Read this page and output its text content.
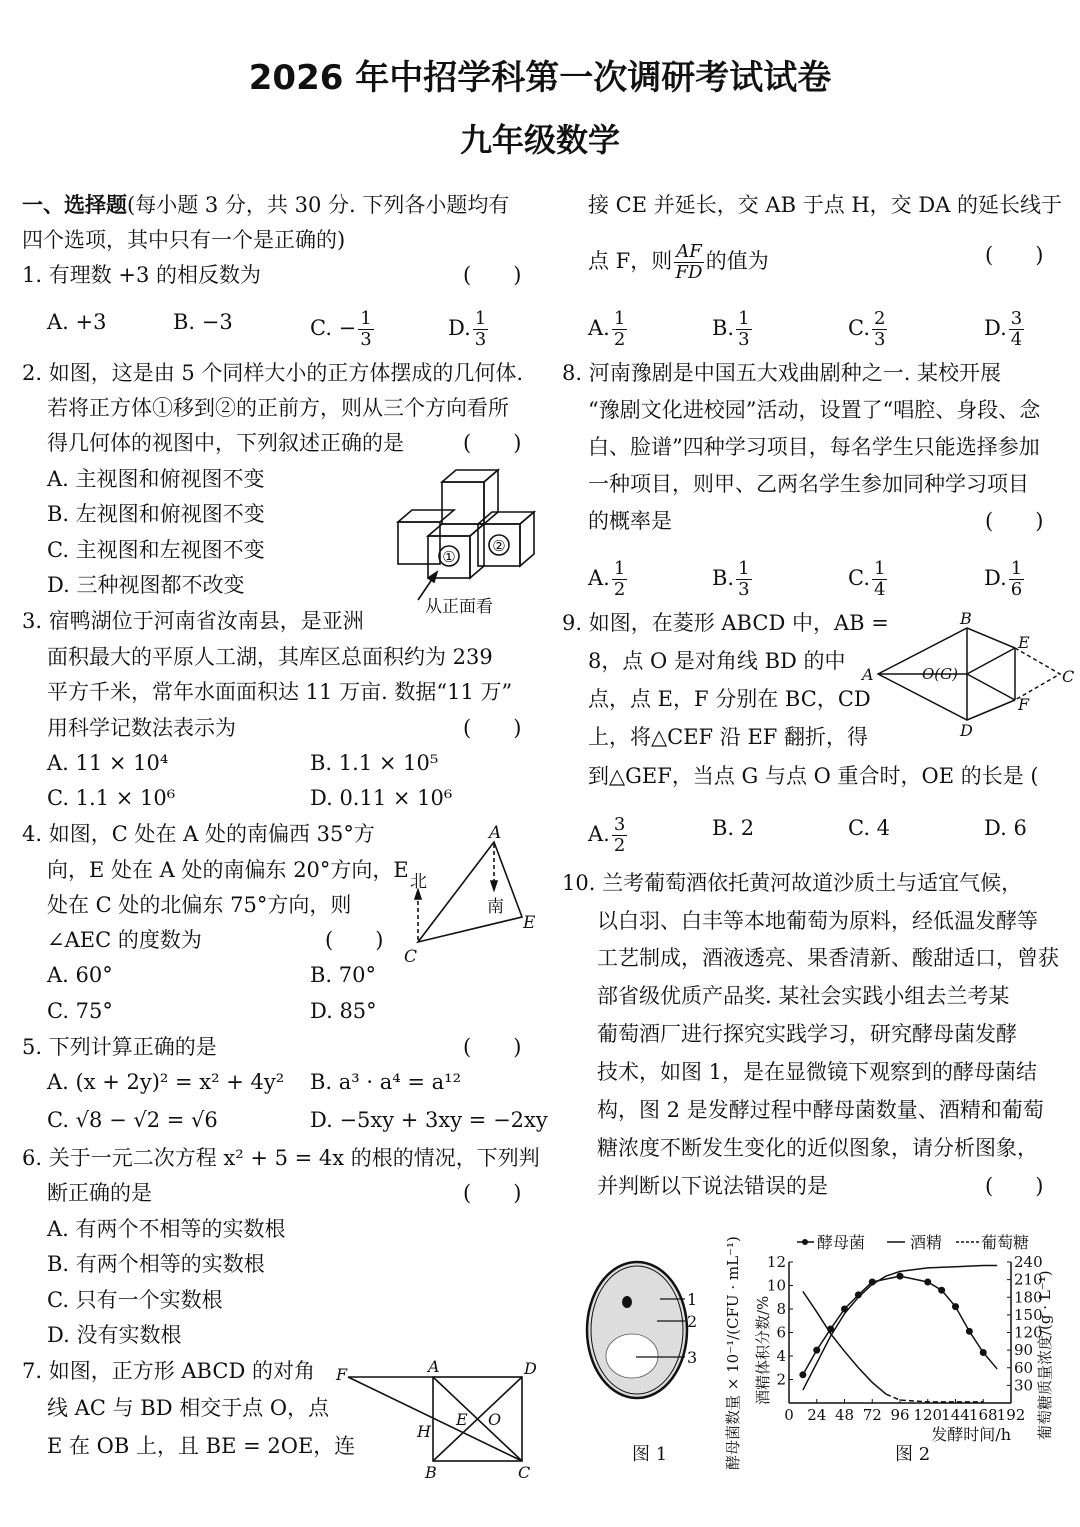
2026 年中招学科第一次调研考试试卷
九年级数学
一、选择题(每小题 3 分，共 30 分. 下列各小题均有
四个选项，其中只有一个是正确的)
1. 有理数 +3 的相反数为	(　　)
A. +3	B. −3	C. − $\frac{1}{3}$	D. $\frac{1}{3}$
2. 如图，这是由 5 个同样大小的正方体摆成的几何体.
若将正方体①移到②的正前方，则从三个方向看所
得几何体的视图中，下列叙述正确的是	(　　)
A. 主视图和俯视图不变
B. 左视图和俯视图不变
C. 主视图和左视图不变
D. 三种视图都不改变
①
②
从正面看
3. 宿鸭湖位于河南省汝南县，是亚洲
面积最大的平原人工湖，其库区总面积约为 239
平方千米，常年水面面积达 11 万亩. 数据“11 万”
用科学记数法表示为	(　　)
A. 11 × 10⁴	B. 1.1 × 10⁵
C. 1.1 × 10⁶	D. 0.11 × 10⁶
4. 如图，C 处在 A 处的南偏西 35°方
向，E 处在 A 处的南偏东 20°方向，E
处在 C 处的北偏东 75°方向，则
∠AEC 的度数为	(　　)
A. 60°	B. 70°
C. 75°	D. 85°
A
C
E
北
南
5. 下列计算正确的是	(　　)
A. (x + 2y)² = x² + 4y² B. a³ · a⁴ = a¹²
C. √8 − √2 = √6	D. −5xy + 3xy = −2xy
6. 关于一元二次方程 x² + 5 = 4x 的根的情况，下列判
断正确的是	(　　)
A. 有两个不相等的实数根
B. 有两个相等的实数根
C. 只有一个实数根
D. 没有实数根
7. 如图，正方形 ABCD 的对角
线 AC 与 BD 相交于点 O，点
E 在 OB 上，且 BE = 2OE，连
F	A	D
H
E O
B	C
接 CE 并延长，交 AB 于点 H，交 DA 的延长线于
点 F，则 $\frac{AF}{FD}$ 的值为	(　　)
A. $\frac{1}{2}$	B. $\frac{1}{3}$	C. $\frac{2}{3}$	D. $\frac{3}{4}$
8. 河南豫剧是中国五大戏曲剧种之一. 某校开展
“豫剧文化进校园”活动，设置了“唱腔、身段、念
白、脸谱”四种学习项目，每名学生只能选择参加
一种项目，则甲、乙两名学生参加同种学习项目
的概率是	(　　)
A. $\frac{1}{2}$	B. $\frac{1}{3}$	C. $\frac{1}{4}$	D. $\frac{1}{6}$
9. 如图，在菱形 ABCD 中，AB =
8，点 O 是对角线 BD 的中
点，点 E，F 分别在 BC，CD
上，将△CEF 沿 EF 翻折，得
到△GEF，当点 G 与点 O 重合时，OE 的长是 (
A. $\frac{3}{2}$	B. 2	C. 4	D. 6
B
A	C
D
E
F
O(G)
10. 兰考葡萄酒依托黄河故道沙质土与适宜气候，
以白羽、白丰等本地葡萄为原料，经低温发酵等
工艺制成，酒液透亮、果香清新、酸甜适口，曾获
部省级优质产品奖. 某社会实践小组去兰考某
葡萄酒厂进行探究实践学习，研究酵母菌发酵
技术，如图 1，是在显微镜下观察到的酵母菌结
构，图 2 是发酵过程中酵母菌数量、酒精和葡萄
糖浓度不断发生变化的近似图象，请分析图象，
并判断以下说法错误的是	(　　)
1
2
3
图 1	图 2
0 24 48 72 96 120 144 168 192
2
4
6
8
10
12
30
60
90
120
150
180
210
240
发酵时间/h
酵母菌数量 × 10⁻¹/(CFU · mL⁻¹) 酒精体积分数/%	葡萄糖质量浓度/(g · L⁻¹)
酵母菌	酒精 葡萄糖
